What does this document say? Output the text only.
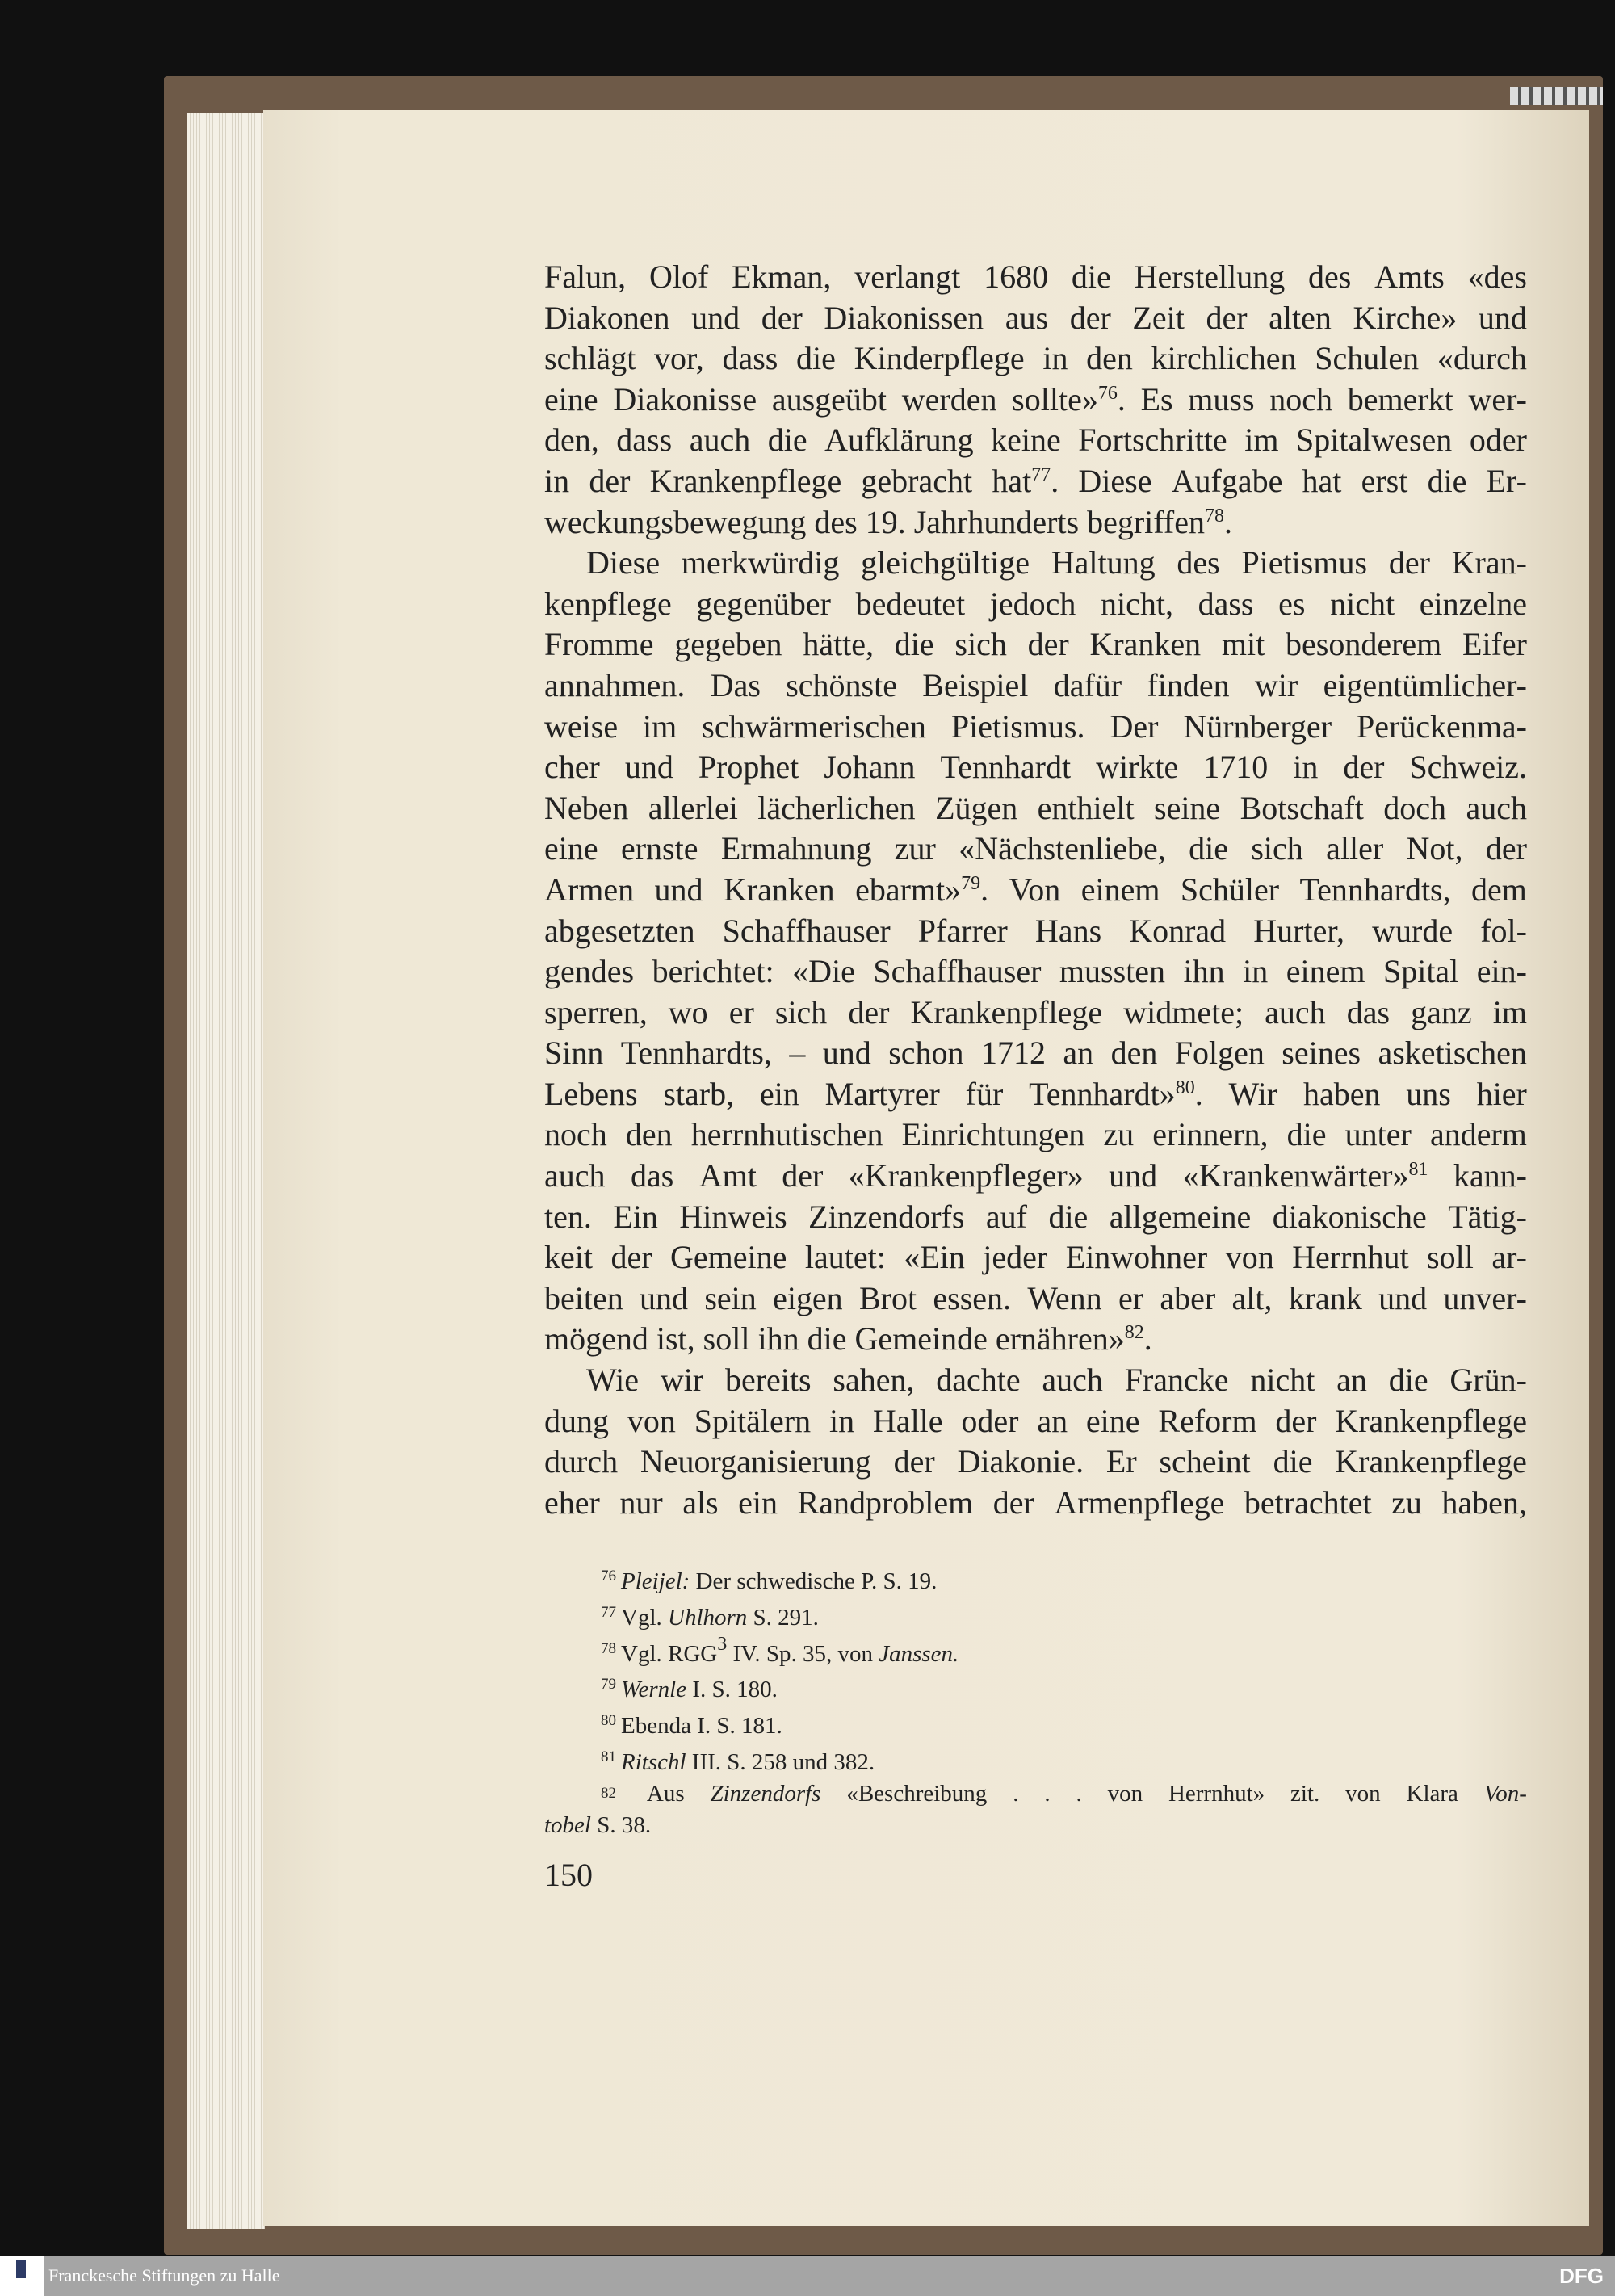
Falun, Olof Ekman, verlangt 1680 die Herstellung des Amts «des
Diakonen und der Diakonissen aus der Zeit der alten Kirche» und
schlägt vor, dass die Kinderpflege in den kirchlichen Schulen «durch
eine Diakonisse ausgeübt werden sollte»$^{76}$. Es muss noch bemerkt wer-
den, dass auch die Aufklärung keine Fortschritte im Spitalwesen oder
in der Krankenpflege gebracht hat$^{77}$. Diese Aufgabe hat erst die Er-
weckungsbewegung des 19. Jahrhunderts begriffen$^{78}$.
Diese merkwürdig gleichgültige Haltung des Pietismus der Kran-
kenpflege gegenüber bedeutet jedoch nicht, dass es nicht einzelne
Fromme gegeben hätte, die sich der Kranken mit besonderem Eifer
annahmen. Das schönste Beispiel dafür finden wir eigentümlicher-
weise im schwärmerischen Pietismus. Der Nürnberger Perückenma-
cher und Prophet Johann Tennhardt wirkte 1710 in der Schweiz.
Neben allerlei lächerlichen Zügen enthielt seine Botschaft doch auch
eine ernste Ermahnung zur «Nächstenliebe, die sich aller Not, der
Armen und Kranken ebarmt»$^{79}$. Von einem Schüler Tennhardts, dem
abgesetzten Schaffhauser Pfarrer Hans Konrad Hurter, wurde fol-
gendes berichtet: «Die Schaffhauser mussten ihn in einem Spital ein-
sperren, wo er sich der Krankenpflege widmete; auch das ganz im
Sinn Tennhardts, – und schon 1712 an den Folgen seines asketischen
Lebens starb, ein Martyrer für Tennhardt»$^{80}$. Wir haben uns hier
noch den herrnhutischen Einrichtungen zu erinnern, die unter anderm
auch das Amt der «Krankenpfleger» und «Krankenwärter»$^{81}$ kann-
ten. Ein Hinweis Zinzendorfs auf die allgemeine diakonische Tätig-
keit der Gemeine lautet: «Ein jeder Einwohner von Herrnhut soll ar-
beiten und sein eigen Brot essen. Wenn er aber alt, krank und unver-
mögend ist, soll ihn die Gemeinde ernähren»$^{82}$.
Wie wir bereits sahen, dachte auch Francke nicht an die Grün-
dung von Spitälern in Halle oder an eine Reform der Krankenpflege
durch Neuorganisierung der Diakonie. Er scheint die Krankenpflege
eher nur als ein Randproblem der Armenpflege betrachtet zu haben,
$^{76}$ Pleijel: Der schwedische P. S. 19.
$^{77}$ Vgl. Uhlhorn S. 291.
$^{78}$ Vgl. RGG$^3$ IV. Sp. 35, von Janssen.
$^{79}$ Wernle I. S. 180.
$^{80}$ Ebenda I. S. 181.
$^{81}$ Ritschl III. S. 258 und 382.
82 Aus Zinzendorfs «Beschreibung . . . von Herrnhut» zit. von Klara Von-
tobel S. 38.
150
Franckesche Stiftungen zu Halle	DFG
